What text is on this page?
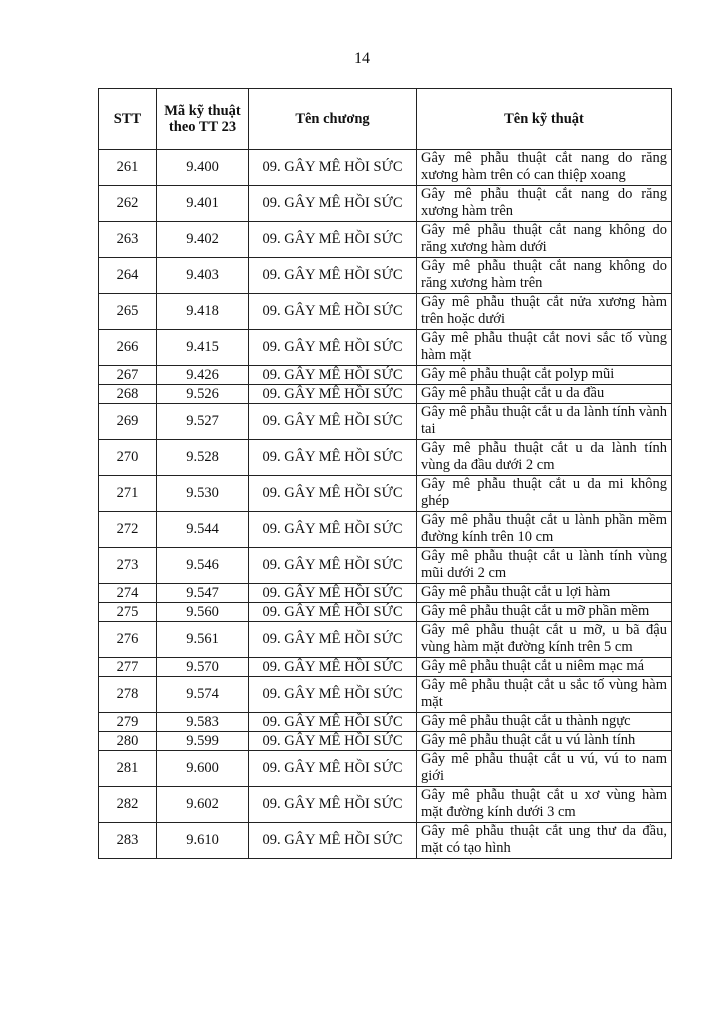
14
STT	Mã kỹ thuật theo TT 23	Tên chương	Tên kỹ thuật
261	9.400	09. GÂY MÊ HỒI SỨC	Gây mê phẫu thuật cắt nang do răng xương hàm trên có can thiệp xoang
262	9.401	09. GÂY MÊ HỒI SỨC	Gây mê phẫu thuật cắt nang do răng xương hàm trên
263	9.402	09. GÂY MÊ HỒI SỨC	Gây mê phẫu thuật cắt nang không do răng xương hàm dưới
264	9.403	09. GÂY MÊ HỒI SỨC	Gây mê phẫu thuật cắt nang không do răng xương hàm trên
265	9.418	09. GÂY MÊ HỒI SỨC	Gây mê phẫu thuật cắt nửa xương hàm trên hoặc dưới
266	9.415	09. GÂY MÊ HỒI SỨC	Gây mê phẫu thuật cắt novi sắc tố vùng hàm mặt
267	9.426	09. GÂY MÊ HỒI SỨC	Gây mê phẫu thuật cắt polyp mũi
268	9.526	09. GÂY MÊ HỒI SỨC	Gây mê phẫu thuật cắt u da đầu
269	9.527	09. GÂY MÊ HỒI SỨC	Gây mê phẫu thuật cắt u da lành tính vành tai
270	9.528	09. GÂY MÊ HỒI SỨC	Gây mê phẫu thuật cắt u da lành tính vùng da đầu dưới 2 cm
271	9.530	09. GÂY MÊ HỒI SỨC	Gây mê phẫu thuật cắt u da mi không ghép
272	9.544	09. GÂY MÊ HỒI SỨC	Gây mê phẫu thuật cắt u lành phần mềm đường kính trên 10 cm
273	9.546	09. GÂY MÊ HỒI SỨC	Gây mê phẫu thuật cắt u lành tính vùng mũi dưới 2 cm
274	9.547	09. GÂY MÊ HỒI SỨC	Gây mê phẫu thuật cắt u lợi hàm
275	9.560	09. GÂY MÊ HỒI SỨC	Gây mê phẫu thuật cắt u mỡ phần mềm
276	9.561	09. GÂY MÊ HỒI SỨC	Gây mê phẫu thuật cắt u mỡ, u bã đậu vùng hàm mặt đường kính trên 5 cm
277	9.570	09. GÂY MÊ HỒI SỨC	Gây mê phẫu thuật cắt u niêm mạc má
278	9.574	09. GÂY MÊ HỒI SỨC	Gây mê phẫu thuật cắt u sắc tố vùng hàm mặt
279	9.583	09. GÂY MÊ HỒI SỨC	Gây mê phẫu thuật cắt u thành ngực
280	9.599	09. GÂY MÊ HỒI SỨC	Gây mê phẫu thuật cắt u vú lành tính
281	9.600	09. GÂY MÊ HỒI SỨC	Gây mê phẫu thuật cắt u vú, vú to nam giới
282	9.602	09. GÂY MÊ HỒI SỨC	Gây mê phẫu thuật cắt u xơ vùng hàm mặt đường kính dưới 3 cm
283	9.610	09. GÂY MÊ HỒI SỨC	Gây mê phẫu thuật cắt ung thư da đầu, mặt có tạo hình
